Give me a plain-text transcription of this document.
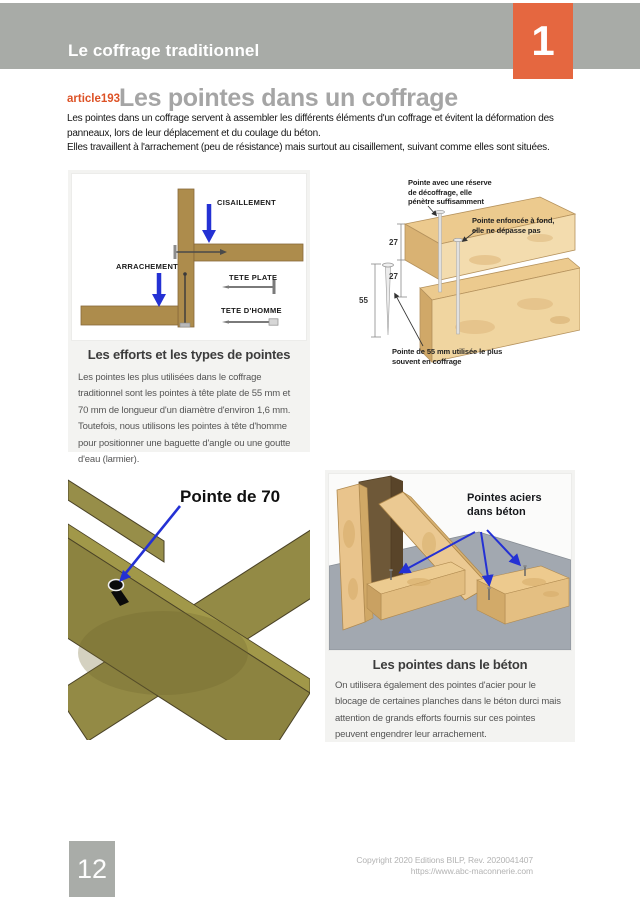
Le coffrage traditionnel	1
article193
Les pointes dans un coffrage

Les pointes dans un coffrage servent à assembler les différents éléments d'un coffrage et évitent la déformation des panneaux, lors de leur déplacement et du coulage du béton.

Elles travaillent à l'arrachement (peu de résistance) mais surtout au cisaillement, suivant comme elles sont situées.

CISAILLEMENT
ARRACHEMENT
TETE PLATE
TETE D'HOMME
Les efforts et les types de pointes
Les pointes les plus utilisées dans le coffrage traditionnel sont les pointes à tête plate de 55 mm et 70 mm de longueur d'un diamètre d'environ 1,6 mm. Toutefois, nous utilisons les pointes à tête d'homme pour positionner une baguette d'angle ou une goutte d'eau (larmier).
Pointe avec une réserve de décoffrage, elle pénètre suffisamment
Pointe enfoncée à fond, elle ne dépasse pas
27
27
55
Pointe de 55 mm utilisée le plus souvent en coffrage
Pointe de 70	Pointes aciers dans béton
Les pointes dans le béton
On utilisera également des pointes d'acier pour le blocage de certaines planches dans le béton durci mais attention de grands efforts fournis sur ces pointes peuvent engendrer leur arrachement.
12	Copyright 2020 Editions BILP, Rev. 2020041407
https://www.abc-maconnerie.com
